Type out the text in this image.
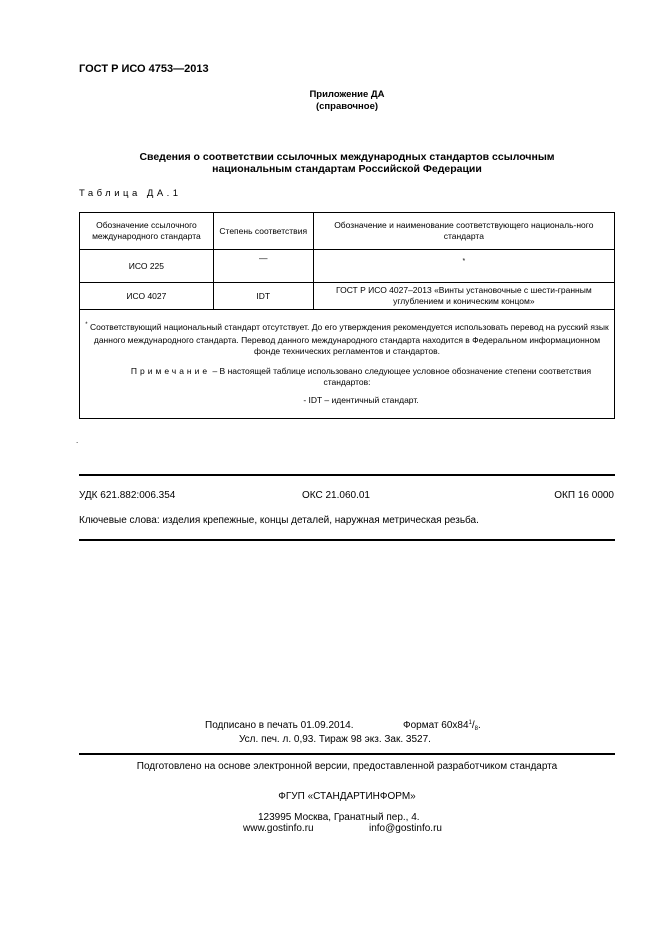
ГОСТ Р ИСО 4753—2013
Приложение ДА
(справочное)
Сведения о соответствии ссылочных международных стандартов ссылочным
национальным стандартам Российской Федерации
Таблица ДА.1
Обозначение ссылочного международного стандарта	Степень соответствия	Обозначение и наименование соответствующего националь-ного стандарта
ИСО 225	—	*
ИСО 4027	IDT	ГОСТ Р ИСО 4027–2013 «Винты установочные с шести-гранным углублением и коническим концом»

* Соответствующий национальный стандарт отсутствует. До его утверждения рекомендуется использовать перевод на русский язык данного международного стандарта. Перевод данного международного стандарта находится в Федеральном информационном фонде технических регламентов и стандартов.

Примечание – В настоящей таблице использовано следующее условное обозначение степени соответствия стандартов:

- IDT – идентичный стандарт.		

.
УДК 621.882:006.354	ОКС 21.060.01	ОКП 16 0000
Ключевые слова: изделия крепежные, концы деталей, наружная метрическая резьба.
Подписано в печать 01.09.2014.	Формат $60x84^1/_8$.
Усл. печ. л. 0,93. Тираж 98 экз. Зак. 3527.
Подготовлено на основе электронной версии, предоставленной разработчиком стандарта
ФГУП «СТАНДАРТИНФОРМ»
123995 Москва, Гранатный пер., 4.
www.gostinfo.ru	info@gostinfo.ru
